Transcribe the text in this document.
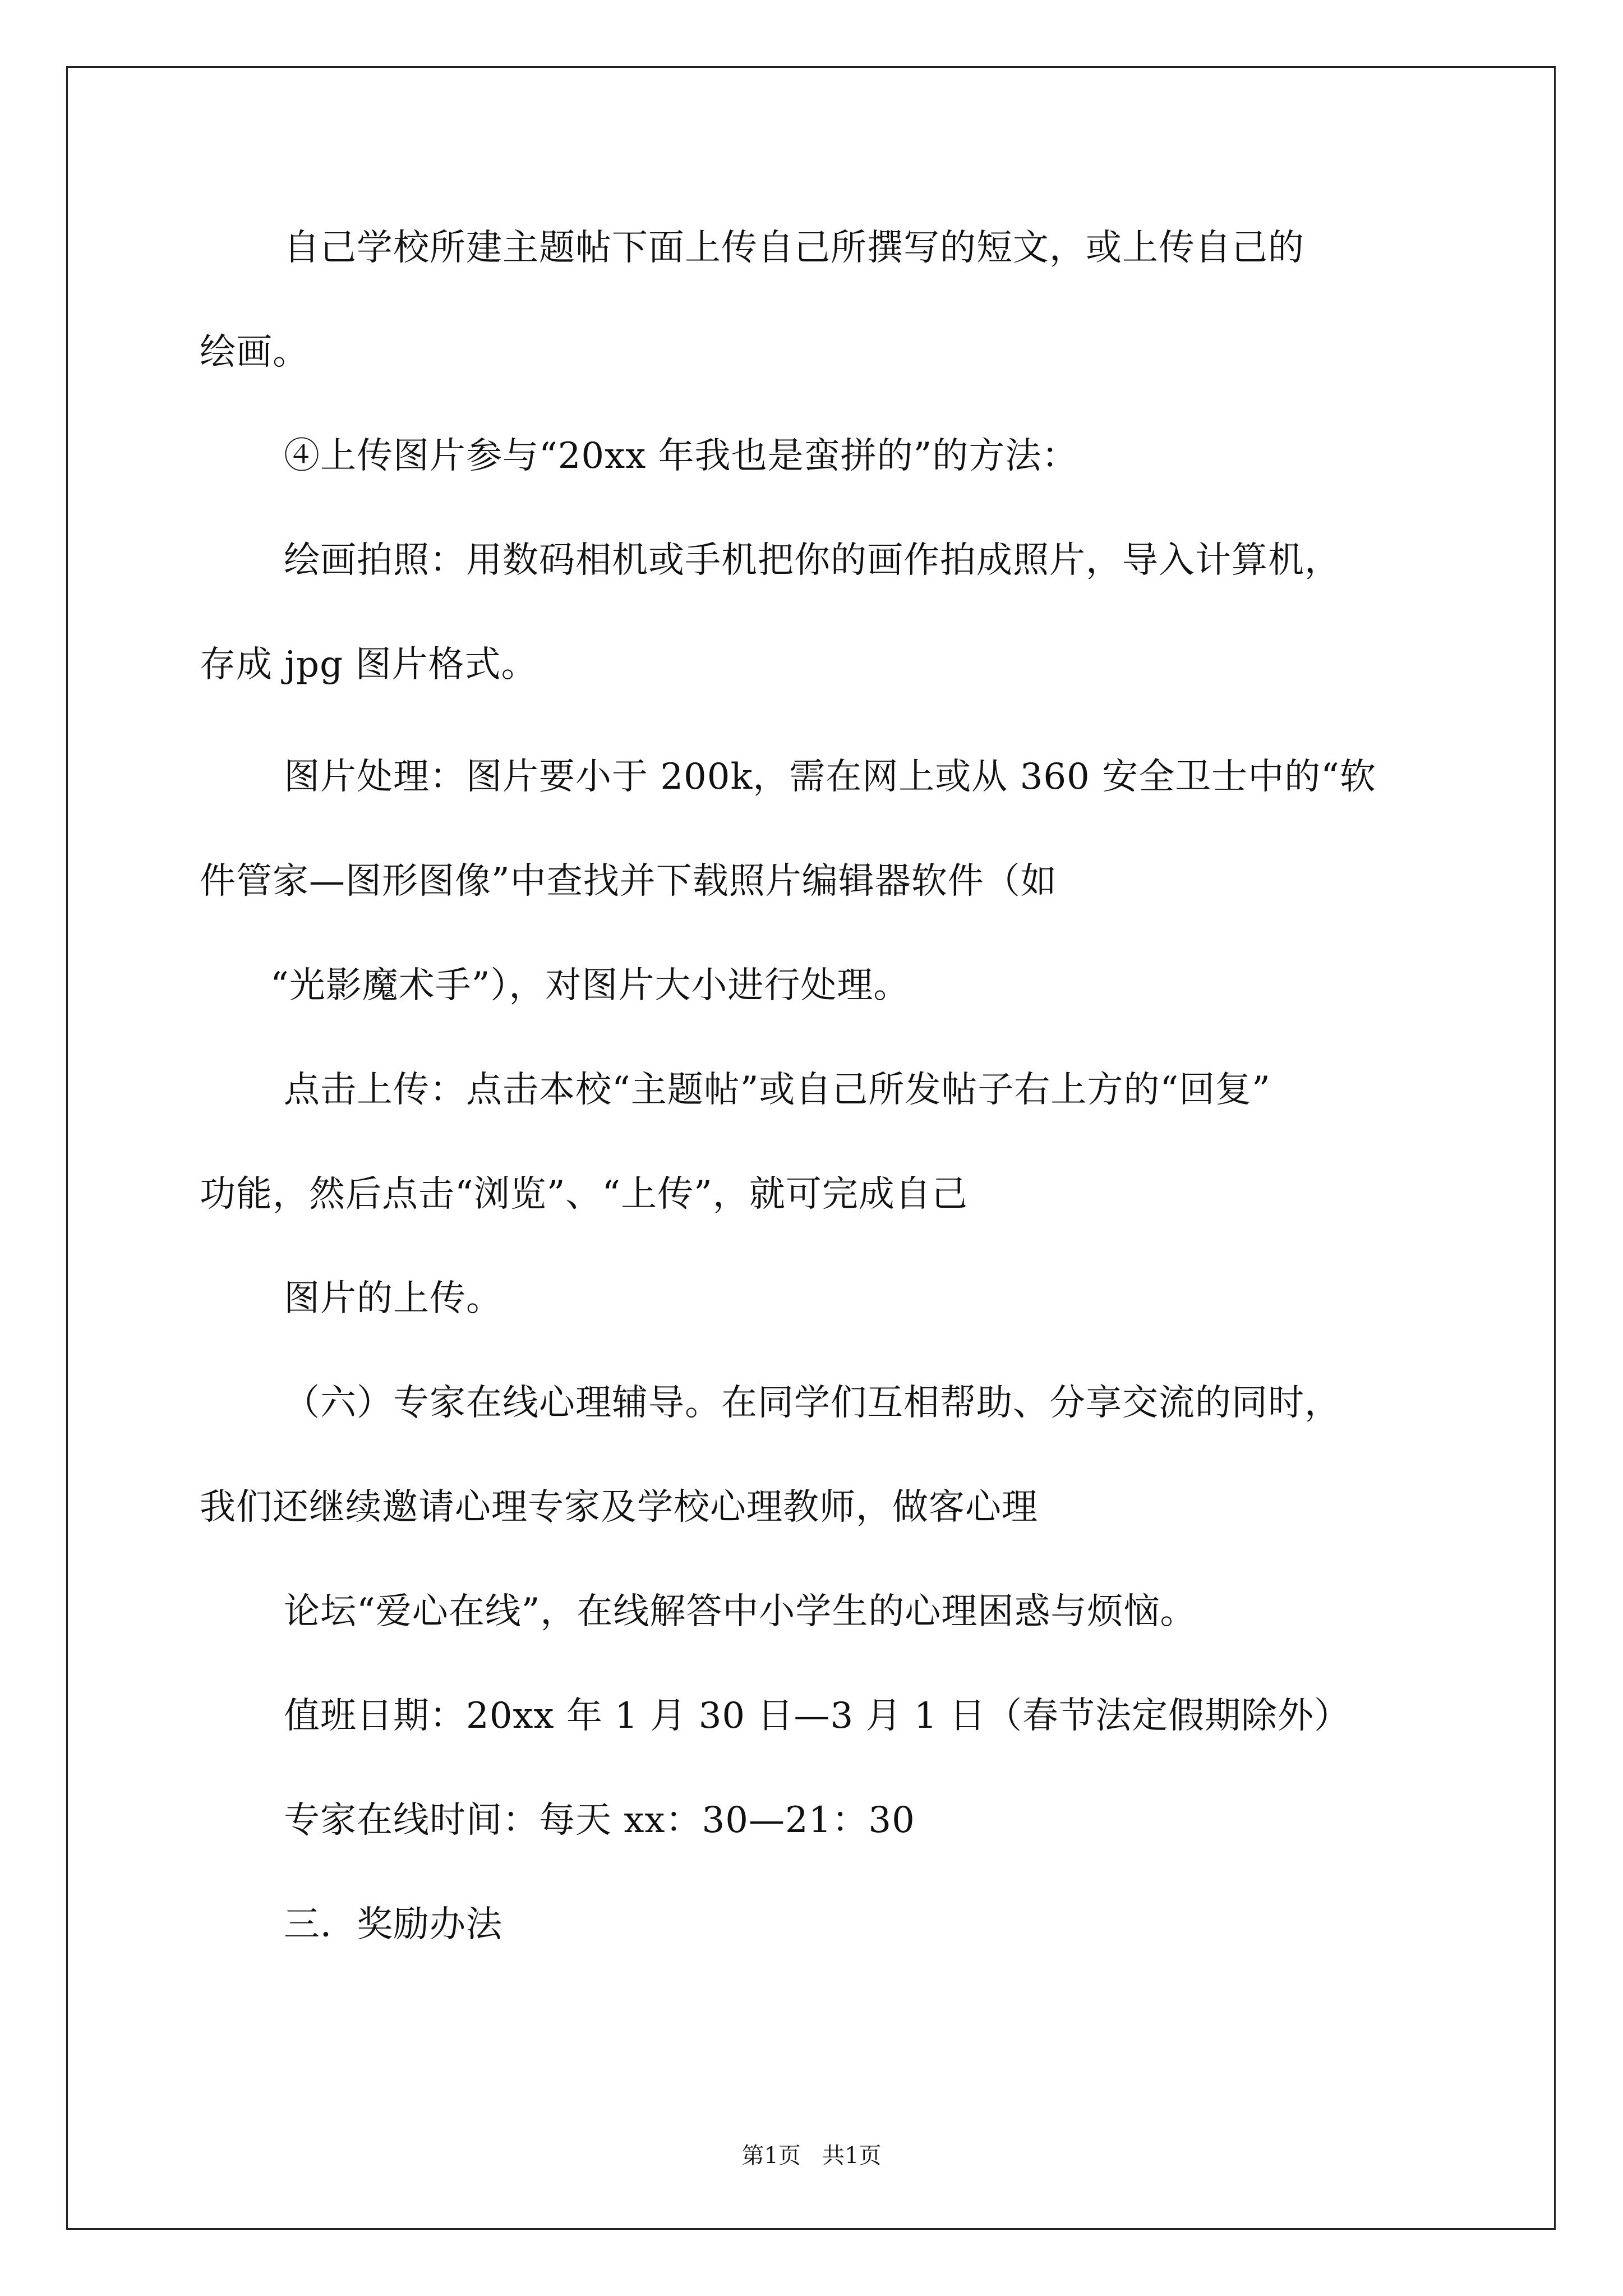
自己学校所建主题帖下面上传自己所撰写的短文，或上传自己的
绘画。
④上传图片参与“20xx 年我也是蛮拼的”的方法：
绘画拍照：用数码相机或手机把你的画作拍成照片，导入计算机，
存成 jpg 图片格式。
图片处理：图片要小于 200k，需在网上或从 360 安全卫士中的“软
件管家—图形图像”中查找并下载照片编辑器软件（如
“光影魔术手”），对图片大小进行处理。
点击上传：点击本校“主题帖”或自己所发帖子右上方的“回复”
功能，然后点击“浏览”、“上传”，就可完成自己
图片的上传。
（六）专家在线心理辅导。在同学们互相帮助、分享交流的同时，
我们还继续邀请心理专家及学校心理教师，做客心理
论坛“爱心在线”，在线解答中小学生的心理困惑与烦恼。
值班日期：20xx 年 1 月 30 日—3 月 1 日（春节法定假期除外）
专家在线时间：每天 xx：30—21：30
三．奖励办法
第1页   共1页
